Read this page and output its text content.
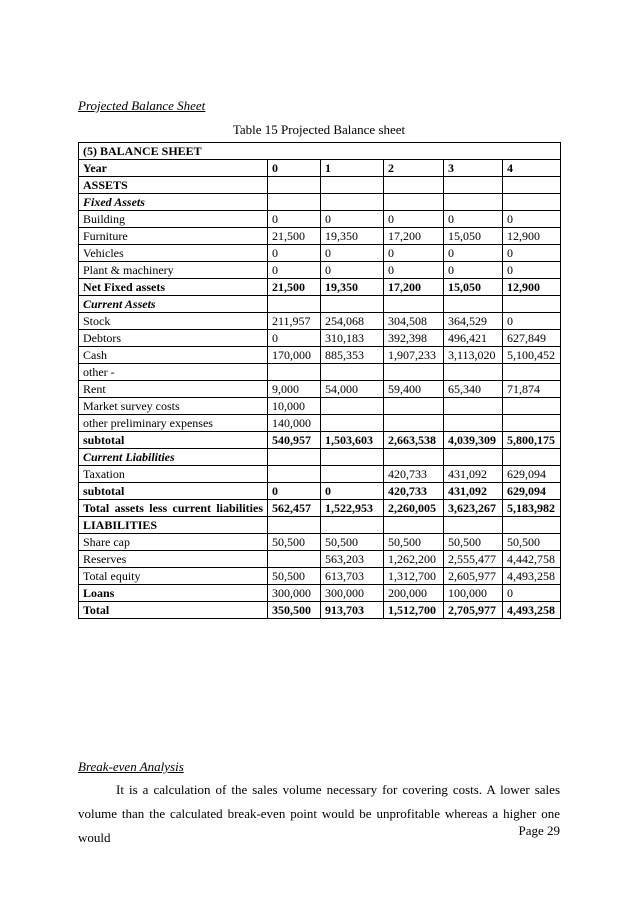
Projected Balance Sheet
Table 15 Projected Balance sheet
(5) BALANCE SHEET					
Year	0	1	2	3	4
ASSETS					
Fixed Assets					
Building	0	0	0	0	0
Furniture	21,500	19,350	17,200	15,050	12,900
Vehicles	0	0	0	0	0
Plant & machinery	0	0	0	0	0
Net Fixed assets	21,500	19,350	17,200	15,050	12,900
Current Assets					
Stock	211,957	254,068	304,508	364,529	0
Debtors	0	310,183	392,398	496,421	627,849
Cash	170,000	885,353	1,907,233	3,113,020	5,100,452
other -					
Rent	9,000	54,000	59,400	65,340	71,874
Market survey costs	10,000				
other preliminary expenses	140,000				
subtotal	540,957	1,503,603	2,663,538	4,039,309	5,800,175
Current Liabilities					
Taxation			420,733	431,092	629,094
subtotal	0	0	420,733	431,092	629,094
Total assets less current liabilities	562,457	1,522,953	2,260,005	3,623,267	5,183,982
LIABILITIES					
Share cap	50,500	50,500	50,500	50,500	50,500
Reserves		563,203	1,262,200	2,555,477	4,442,758
Total equity	50,500	613,703	1,312,700	2,605,977	4,493,258
Loans	300,000	300,000	200,000	100,000	0
Total	350,500	913,703	1,512,700	2,705,977	4,493,258
Break-even Analysis
It is a calculation of the sales volume necessary for covering costs. A lower sales volume than the calculated break-even point would be unprofitable whereas a higher one would	Page 29
